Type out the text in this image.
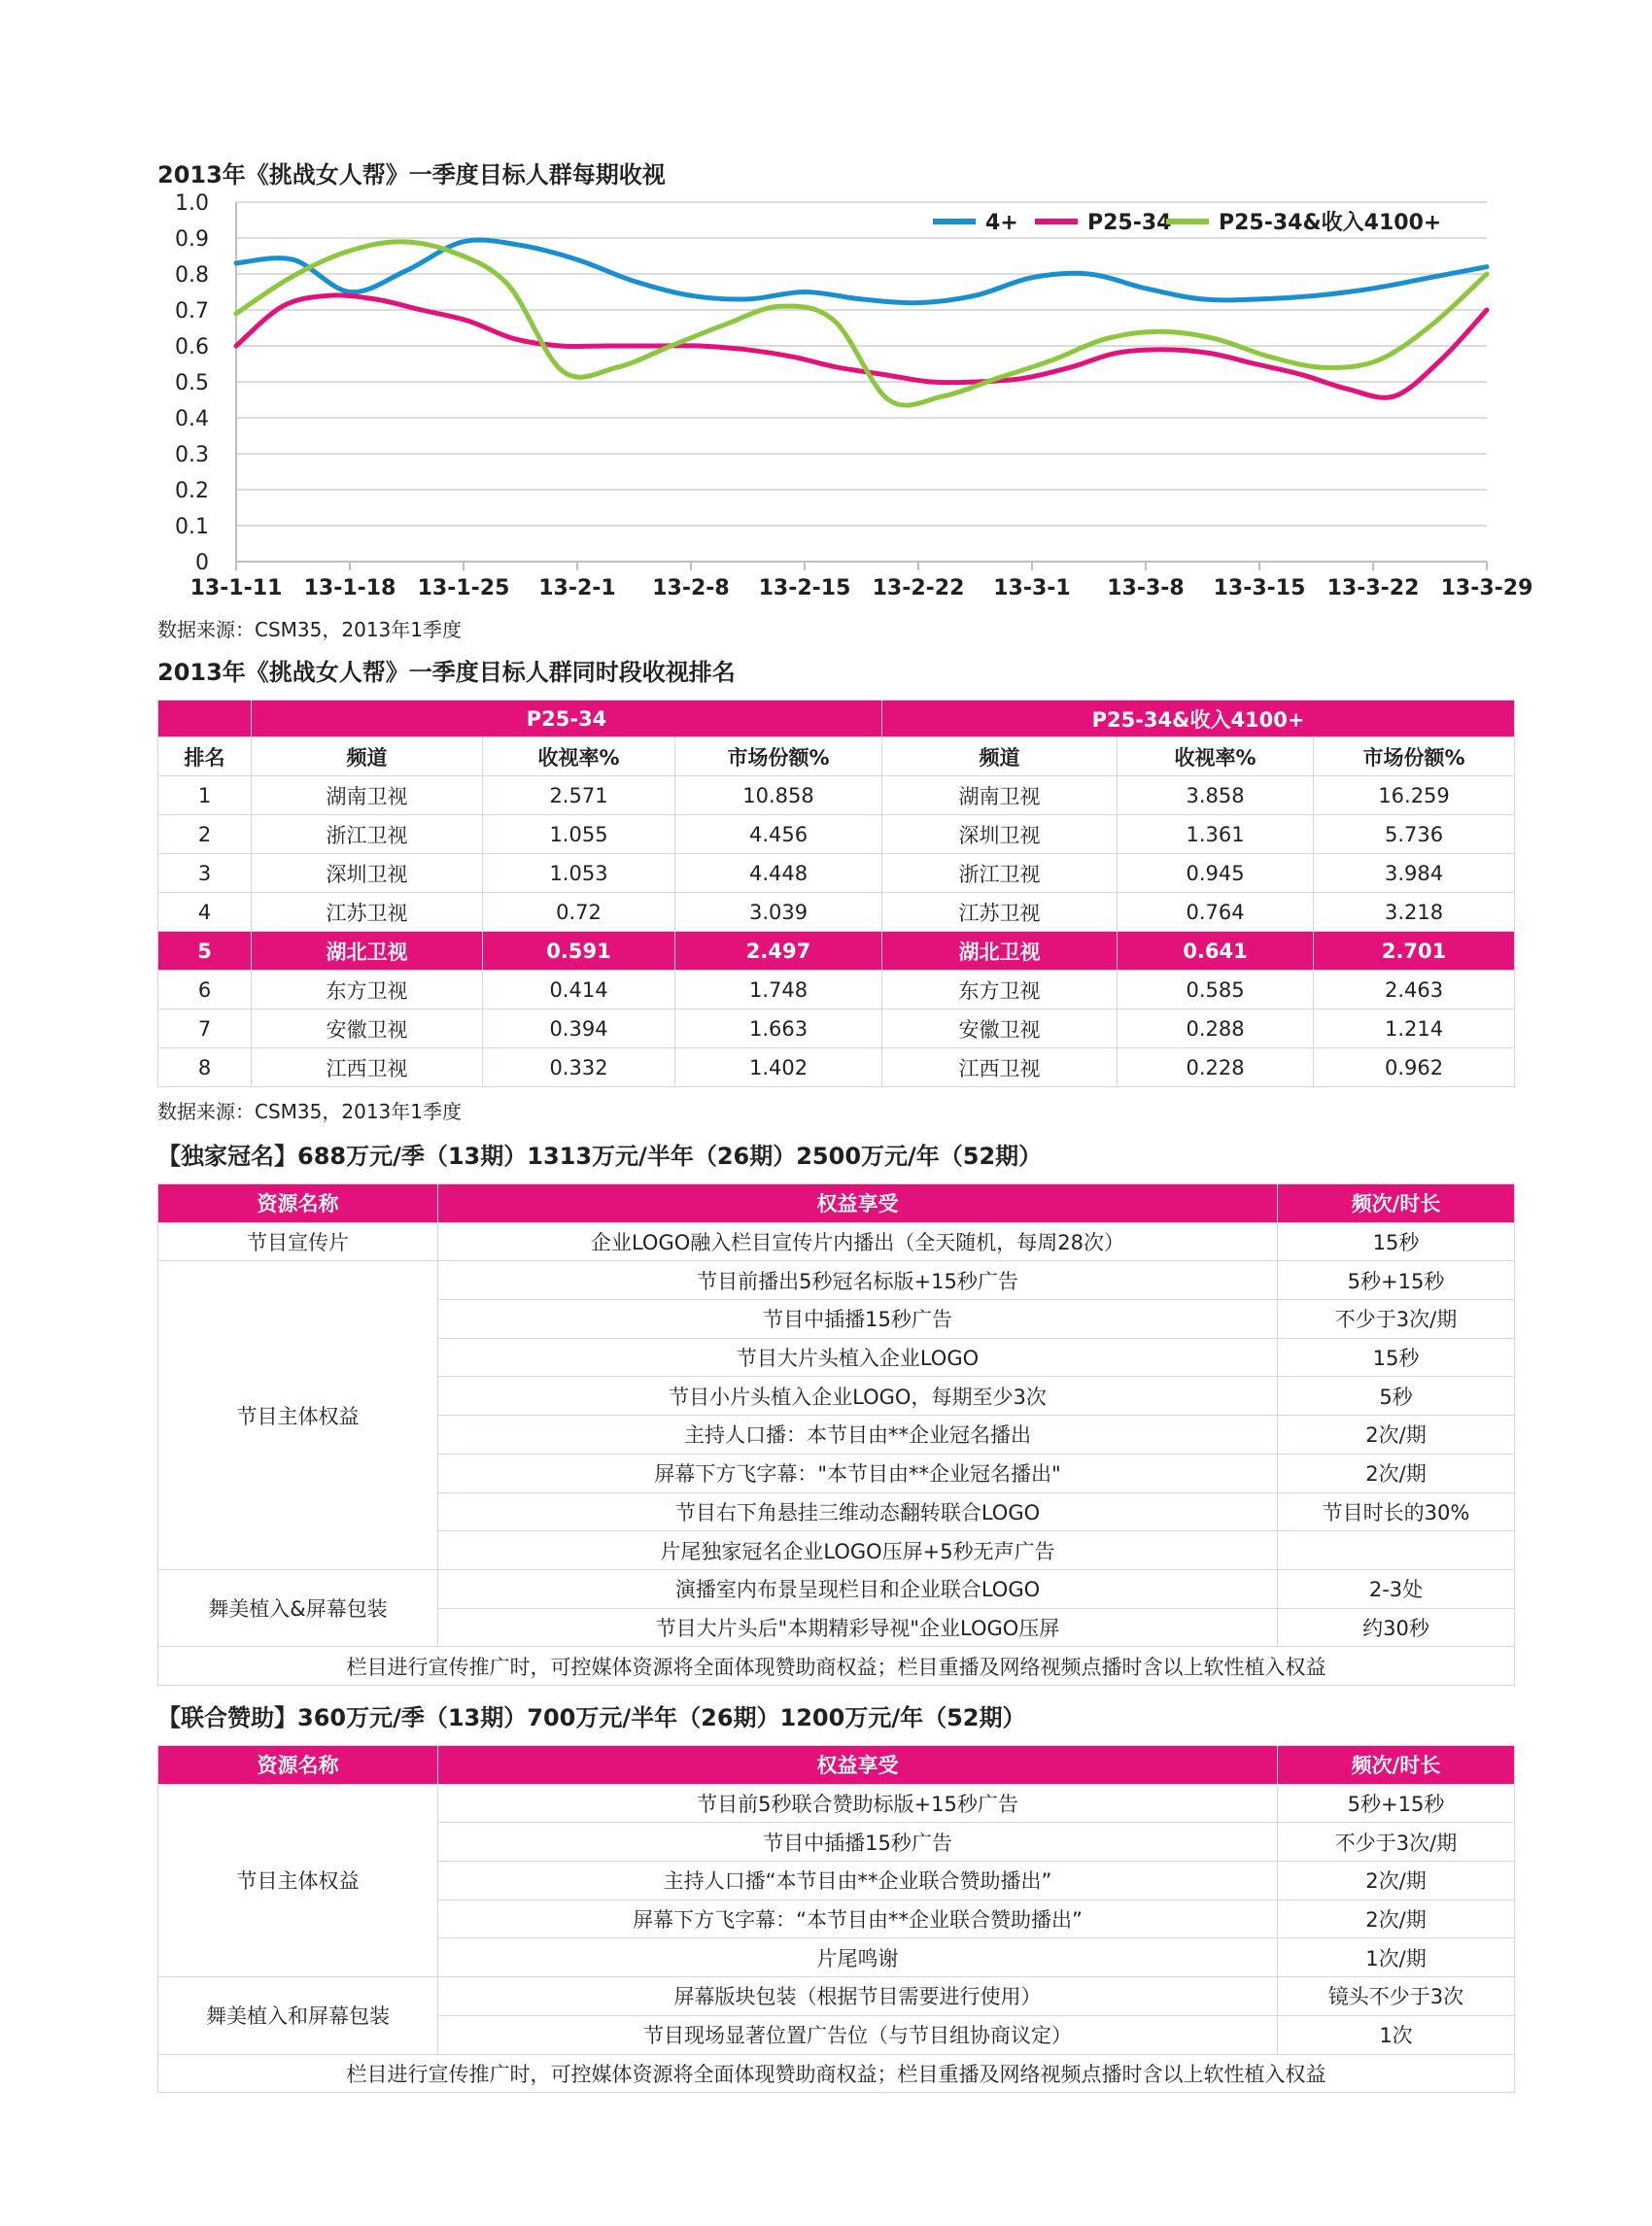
2013年《挑战女人帮》一季度目标人群每期收视
0
0.1
0.2
0.3
0.4
0.5
0.6
0.7
0.8
0.9
1.0
13-1-11 13-1-18 13-1-25 13-2-1 13-2-8 13-2-15 13-2-22 13-3-1 13-3-8 13-3-15 13-3-22 13-3-29
4+	P25-34 P25-34&收入4100+
数据来源：CSM35，2013年1季度
2013年《挑战女人帮》一季度目标人群同时段收视排名
	P25-34			P25-34&收入4100+		
排名	频道	收视率%	市场份额%	频道	收视率%	市场份额%
1	湖南卫视	2.571	10.858	湖南卫视	3.858	16.259
2	浙江卫视	1.055	4.456	深圳卫视	1.361	5.736
3	深圳卫视	1.053	4.448	浙江卫视	0.945	3.984
4	江苏卫视	0.72	3.039	江苏卫视	0.764	3.218
5	湖北卫视	0.591	2.497	湖北卫视	0.641	2.701
6	东方卫视	0.414	1.748	东方卫视	0.585	2.463
7	安徽卫视	0.394	1.663	安徽卫视	0.288	1.214
8	江西卫视	0.332	1.402	江西卫视	0.228	0.962
数据来源：CSM35，2013年1季度
【独家冠名】688万元/季（13期）1313万元/半年（26期）2500万元/年（52期）
资源名称	权益享受	频次/时长
节目宣传片	企业LOGO融入栏目宣传片内播出（全天随机，每周28次）	15秒
节目主体权益	节目前播出5秒冠名标版+15秒广告	5秒+15秒
	节目中插播15秒广告	不少于3次/期
	节目大片头植入企业LOGO	15秒
	节目小片头植入企业LOGO，每期至少3次	5秒
	主持人口播：本节目由**企业冠名播出	2次/期
	屏幕下方飞字幕："本节目由**企业冠名播出"	2次/期
	节目右下角悬挂三维动态翻转联合LOGO	节目时长的30%
	片尾独家冠名企业LOGO压屏+5秒无声广告	
舞美植入&屏幕包装	演播室内布景呈现栏目和企业联合LOGO	2-3处
	节目大片头后"本期精彩导视"企业LOGO压屏	约30秒
栏目进行宣传推广时，可控媒体资源将全面体现赞助商权益；栏目重播及网络视频点播时含以上软性植入权益		
【联合赞助】360万元/季（13期）700万元/半年（26期）1200万元/年（52期）
资源名称	权益享受	频次/时长
节目主体权益	节目前5秒联合赞助标版+15秒广告	5秒+15秒
	节目中插播15秒广告	不少于3次/期
	主持人口播“本节目由**企业联合赞助播出”	2次/期
	屏幕下方飞字幕：“本节目由**企业联合赞助播出”	2次/期
	片尾鸣谢	1次/期
舞美植入和屏幕包装	屏幕版块包装（根据节目需要进行使用）	镜头不少于3次
	节目现场显著位置广告位（与节目组协商议定）	1次
栏目进行宣传推广时，可控媒体资源将全面体现赞助商权益；栏目重播及网络视频点播时含以上软性植入权益		
